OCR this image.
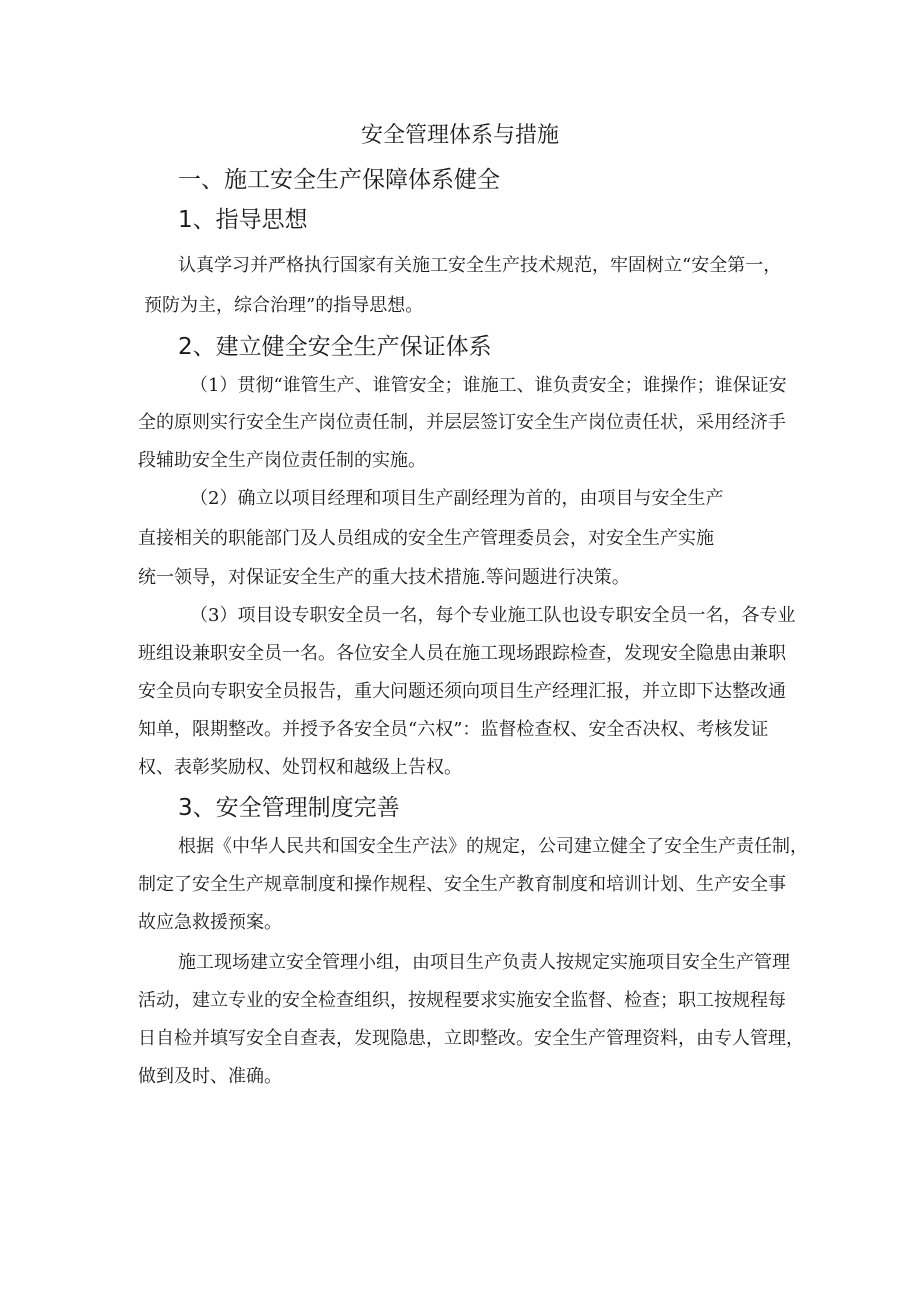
安全管理体系与措施
一、施工安全生产保障体系健全
1、指导思想
认真学习并严格执行国家有关施工安全生产技术规范，牢固树立“安全第一，
预防为主，综合治理”的指导思想。
2、建立健全安全生产保证体系
（1）贯彻“谁管生产、谁管安全；谁施工、谁负责安全；谁操作；谁保证安
全的原则实行安全生产岗位责任制，并层层签订安全生产岗位责任状，采用经济手
段辅助安全生产岗位责任制的实施。
（2）确立以项目经理和项目生产副经理为首的，由项目与安全生产
直接相关的职能部门及人员组成的安全生产管理委员会，对安全生产实施
统一领导，对保证安全生产的重大技术措施.等问题进行决策。
（3）项目设专职安全员一名，每个专业施工队也设专职安全员一名，各专业
班组设兼职安全员一名。各位安全人员在施工现场跟踪检查，发现安全隐患由兼职
安全员向专职安全员报告，重大问题还须向项目生产经理汇报，并立即下达整改通
知单，限期整改。并授予各安全员“六权”：监督检查权、安全否决权、考核发证
权、表彰奖励权、处罚权和越级上告权。
3、安全管理制度完善
根据《中华人民共和国安全生产法》的规定，公司建立健全了安全生产责任制，
制定了安全生产规章制度和操作规程、安全生产教育制度和培训计划、生产安全事
故应急救援预案。
施工现场建立安全管理小组，由项目生产负责人按规定实施项目安全生产管理
活动，建立专业的安全检查组织，按规程要求实施安全监督、检查；职工按规程每
日自检并填写安全自查表，发现隐患，立即整改。安全生产管理资料，由专人管理，
做到及时、准确。
